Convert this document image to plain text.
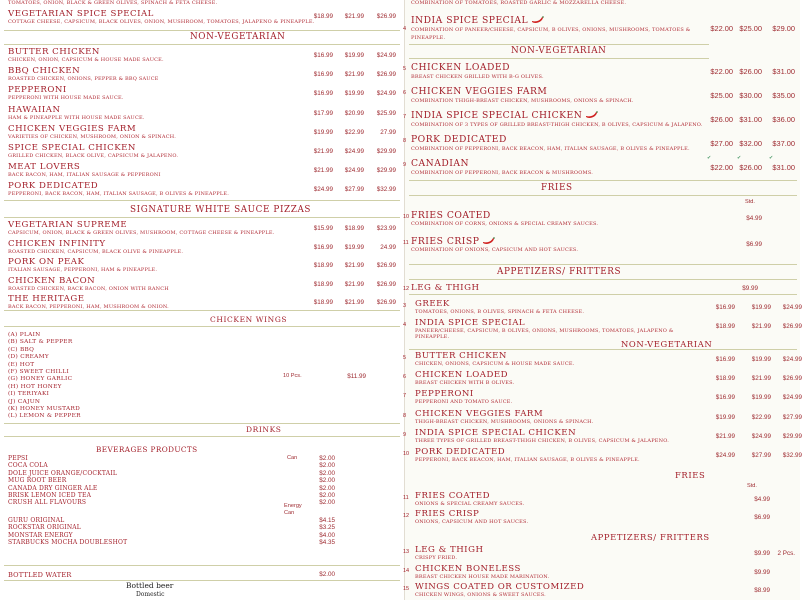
TOMATOES, ONION, BLACK & GREEN OLIVES, SPINACH & FETA CHEESE.
VEGETARIAN SPICE SPECIAL
COTTAGE CHEESE, CAPSICUM, BLACK OLIVES, ONION, MUSHROOM, TOMATOES, JALAPENO & PINEAPPLE.
$18.99	$21.99	$26.99
NON-VEGETARIAN
BUTTER CHICKEN
CHICKEN, ONION, CAPSICUM & HOUSE MADE SAUCE.
$16.99	$19.99	$24.99
BBQ CHICKEN
ROASTED CHICKEN, ONIONS, PEPPER & BBQ SAUCE
$16.99	$21.99	$26.99
PEPPERONI
PEPPERONI WITH HOUSE MADE SAUCE.
$16.99	$19.99	$24.99
HAWAIIAN
HAM & PINEAPPLE WITH HOUSE MADE SAUCE.
$17.99	$20.99	$25.99
CHICKEN VEGGIES FARM
VARIETIES OF CHICKEN, MUSHROOM, ONION & SPINACH.
$19.99	$22.99	27.99
SPICE SPECIAL CHICKEN
GRILLED CHICKEN, BLACK OLIVE, CAPSICUM & JALAPENO.
$21.99	$24.99	$29.99
MEAT LOVERS
BACK BACON, HAM, ITALIAN SAUSAGE & PEPPERONI
$21.99	$24.99	$29.99
PORK DEDICATED
PEPPERONI, BACK BACON, HAM, ITALIAN SAUSAGE, B OLIVES & PINEAPPLE.
$24.99	$27.99	$32.99
SIGNATURE WHITE SAUCE PIZZAS
VEGETARIAN SUPREME
CAPSICUM, ONION, BLACK & GREEN OLIVES, MUSHROOM, COTTAGE CHEESE & PINEAPPLE.
$15.99	$18.99	$23.99
CHICKEN INFINITY
ROASTED CHICKEN, CAPSICUM, BLACK OLIVE & PINEAPPLE.
$16.99	$19.99	24.99
PORK ON PEAK
ITALIAN SAUSAGE, PEPPERONI, HAM & PINEAPPLE.
$18.99	$21.99	$26.99
CHICKEN BACON
ROASTED CHICKEN, BACK BACON, ONION WITH RANCH
$18.99	$21.99	$26.99
THE HERITAGE
BACK BACON, PEPPERONI, HAM, MUSHROOM & ONION.
$18.99	$21.99	$26.99
CHICKEN WINGS
(A) PLAIN
(B) SALT & PEPPER
(C) BBQ
(D) CREAMY
(E) HOT
(F) SWEET CHILLI
(G) HONEY GARLIC
(H) HOT HONEY
(I) TERIYAKI
(J) CAJUN
(K) HONEY MUSTARD
(L) LEMON & PEPPER
10 Pcs.	$11.99
DRINKS
BEVERAGES PRODUCTS
Can
Energy Can
PEPSI	$2.00
COCA COLA	$2.00
DOLE JUICE ORANGE/COCKTAIL	$2.00
MUG ROOT BEER	$2.00
CANADA DRY GINGER ALE	$2.00
BRISK LEMON ICED TEA	$2.00
CRUSH ALL FLAVOURS	$2.00
GURU ORIGINAL	$4.15
ROCKSTAR ORIGINAL	$3.25
MONSTAR ENERGY	$4.00
STARBUCKS MOCHA DOUBLESHOT	$4.35
BOTTLED WATER	$2.00
Bottled beer
Domestic
COMBINATION OF TOMATOES, ROASTED GARLIC & MOZZARELLA CHEESE.
4
INDIA SPICE SPECIAL
COMBINATION OF PANEER/CHEESE, CAPSICUM, B OLIVES, ONIONS, MUSHROOMS, TOMATOES & PINEAPPLE.
$22.00 $25.00	$29.00
NON-VEGETARIAN
5 CHICKEN LOADED
BREAST CHICKEN GRILLED WITH B-G OLIVES.
$22.00 $26.00	$31.00
6 CHICKEN VEGGIES FARM
COMBINATION THIGH-BREAST CHICKEN, MUSHROOMS, ONIONS & SPINACH.
$25.00 $30.00	$35.00
7 INDIA SPICE SPECIAL CHICKEN
COMBINATION OF 3 TYPES OF GRILLED BREAST-THIGH CHICKEN, B OLIVES, CAPSICUM & JALAPENO.
$26.00 $31.00	$36.00
8 PORK DEDICATED
COMBINATION OF PEPPERONI, BACK BEACON, HAM, ITALIAN SAUSAGE, B OLIVES & PINEAPPLE.
$27.00 $32.00	$37.00
9 CANADIAN
COMBINATION OF PEPPERONI, BACK BEACON & MUSHROOMS.
$22.00 $26.00	$31.00
✔	✔	✔
FRIES
Std.
10 FRIES COATED
COMBINATION OF CORNS, ONIONS & SPECIAL CREAMY SAUCES.
$4.99
11 FRIES CRISP
COMBINATION OF ONIONS, CAPSICUM AND HOT SAUCES.
$6.99
APPETIZERS/ FRITTERS
12 LEG & THIGH	$9.99
3 GREEK
TOMATOES, ONIONS, B OLIVES, SPINACH & FETA CHEESE.
$16.99	$19.99	$24.99
4 INDIA SPICE SPECIAL
PANEER/CHEESE, CAPSICUM, B OLIVES, ONIONS, MUSHROOMS, TOMATOES, JALAPENO & PINEAPPLE.
$18.99	$21.99	$26.99
NON-VEGETARIAN
5 BUTTER CHICKEN
CHICKEN, ONIONS, CAPSICUM & HOUSE MADE SAUCE.
$16.99	$19.99	$24.99
6 CHICKEN LOADED
BREAST CHICKEN WITH B OLIVES.
$18.99	$21.99	$26.99
7 PEPPERONI
PEPPERONI AND TOMATO SAUCE.
$16.99	$19.99	$24.99
8 CHICKEN VEGGIES FARM
THIGH-BREAST CHICKEN, MUSHROOMS, ONIONS & SPINACH.
$19.99	$22.99	$27.99
9 INDIA SPICE SPECIAL CHICKEN
THREE TYPES OF GRILLED BREAST-THIGH CHICKEN, B OLIVES, CAPSICUM & JALAPENO.
$21.99	$24.99	$29.99
10 PORK DEDICATED
PEPPERONI, BACK BEACON, HAM, ITALIAN SAUSAGE, B OLIVES & PINEAPPLE.
$24.99	$27.99	$32.99
FRIES
Std.
11 FRIES COATED
ONIONS & SPECIAL CREAMY SAUCES.
$4.99
12 FRIES CRISP
ONIONS, CAPSICUM AND HOT SAUCES.
$6.99
APPETIZERS/ FRITTERS
13 LEG & THIGH
CRISPY FRIED.
$9.99	2 Pcs.
14 CHICKEN BONELESS
BREAST CHICKEN HOUSE MADE MARINATION.
$9.99
15 WINGS COATED OR CUSTOMIZED
CHICKEN WINGS, ONIONS & SWEET SAUCES.
$8.99
